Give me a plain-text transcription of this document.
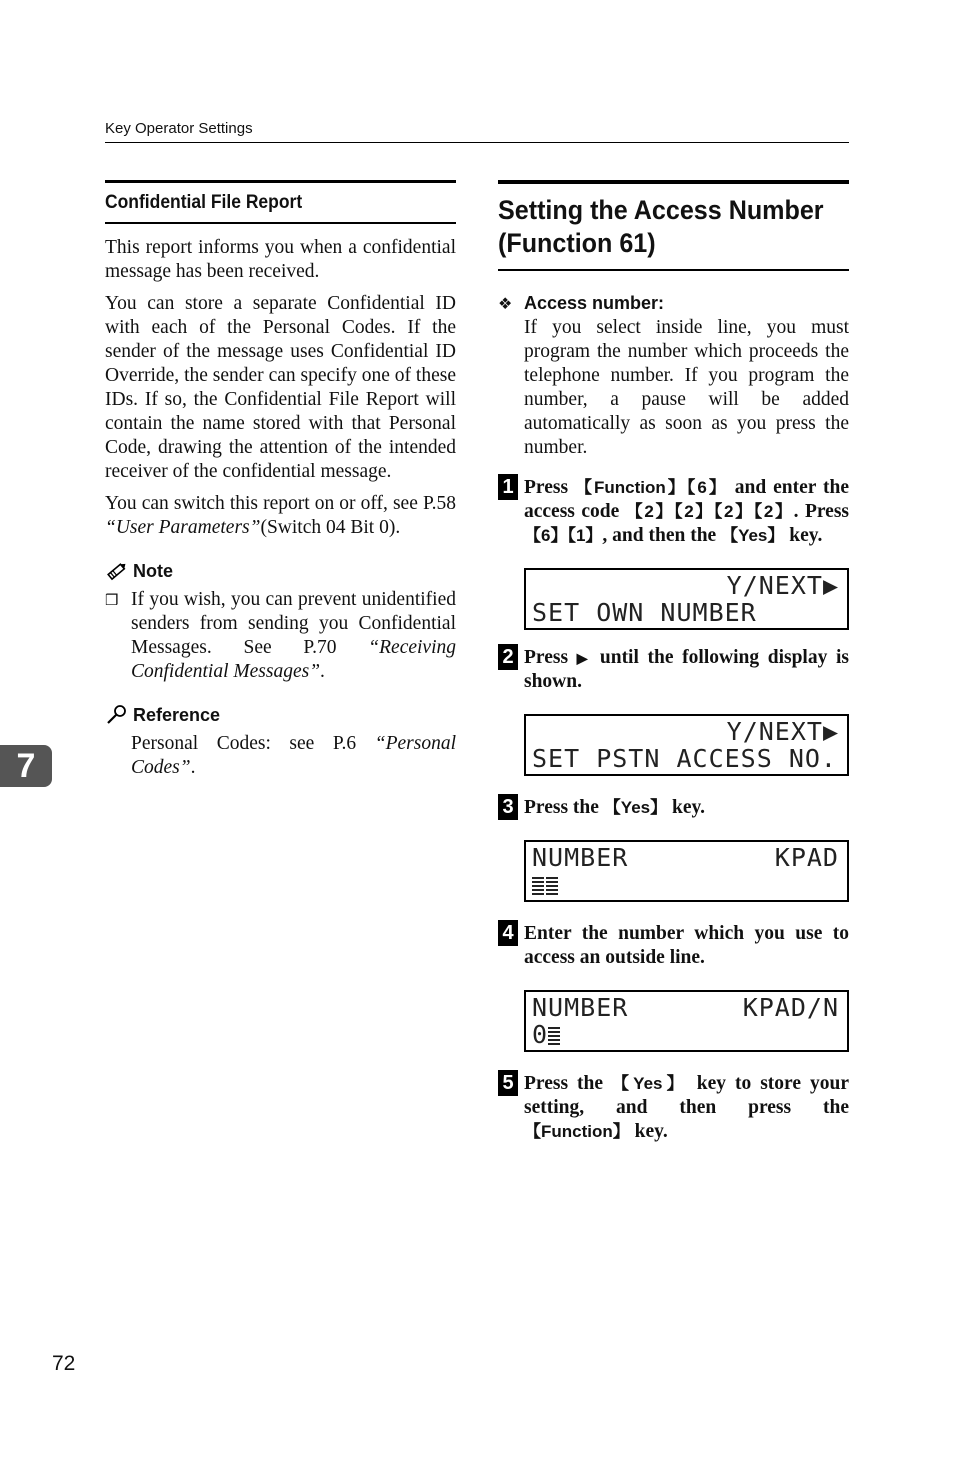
Key Operator Settings
Confidential File Report

This report informs you when a confidential message has been received.

You can store a separate Confidential ID with each of the Personal Codes. If the sender of the message uses Confidential ID Override, the sender can specify one of these IDs. If so, the Confidential File Report will contain the name stored with that Personal Code, drawing the attention of the intended receiver of the confidential message.

You can switch this report on or off, see P.58 “User Parameters”(Switch 04 Bit 0).

Note
❒ If you wish, you can prevent unidentified senders from sending you Confidential Messages. See P.70 “Receiving Confidential Messages”.

Reference

Personal Codes: see P.6 “Personal Codes”.

Setting the Access Number (Function 61)
❖ Access number:

If you select inside line, you must program the number which proceeds the telephone number. If you program the number, a pause will be added automatically as soon as you press the number.

1 Press 【Function】【6】 and enter the access code 【2】【2】【2】【2】. Press 【6】【1】, and then the 【Yes】 key.
Y/NEXT▶
SET OWN NUMBER
2 Press ▶ until the following display is shown.
Y/NEXT▶
SET PSTN ACCESS NO.
3 Press the 【Yes】 key.
NUMBER	KPAD
4 Enter the number which you use to access an outside line.
NUMBER	KPAD/N
0
5 Press the 【Yes】 key to store your setting, and then press the 【Function】 key.
7
72
